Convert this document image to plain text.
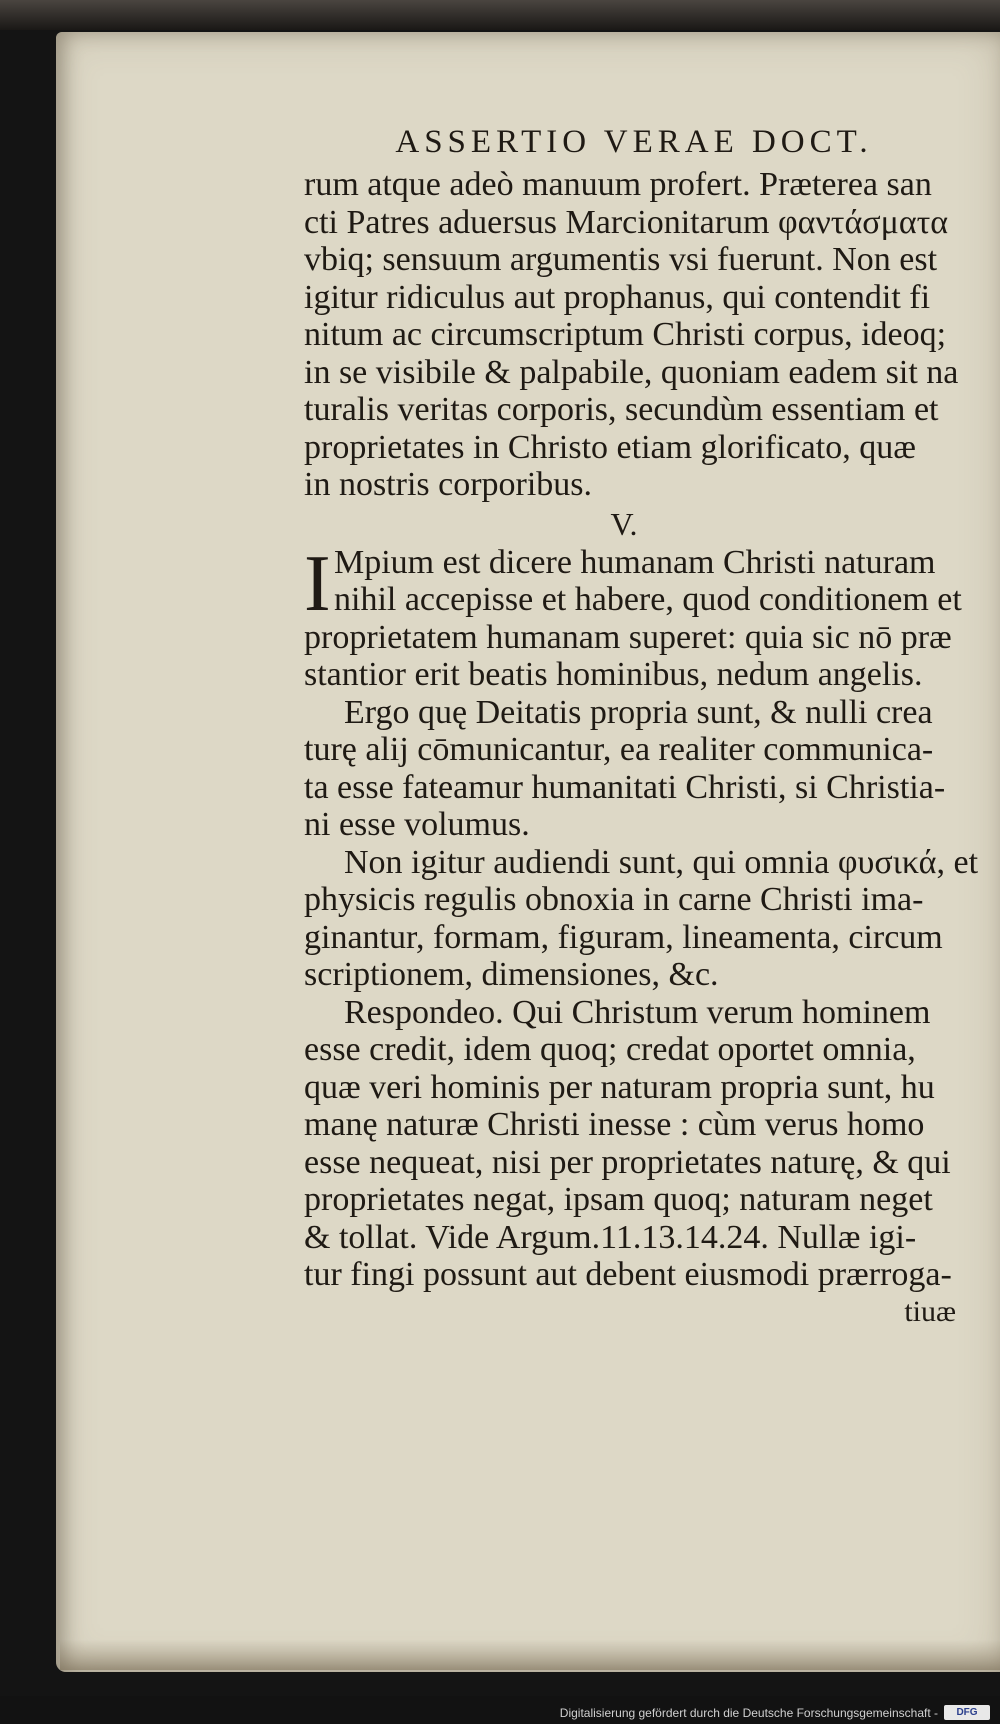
ASSERTIO VERAE DOCT.
rum atque adeò manuum profert. Præterea san
cti Patres aduersus Marcionitarum φαντάσματα
vbiq; sensuum argumentis vsi fuerunt. Non est
igitur ridiculus aut prophanus, qui contendit fi
nitum ac circumscriptum Christi corpus, ideoq;
in se visibile & palpabile, quoniam eadem sit na
turalis veritas corporis, secundùm essentiam et
proprietates in Christo etiam glorificato, quæ
in nostris corporibus.
V.
I Mpium est dicere humanam Christi naturam
nihil accepisse et habere, quod conditionem et
proprietatem humanam superet: quia sic nō præ
stantior erit beatis hominibus, nedum angelis.
Ergo quę Deitatis propria sunt, & nulli crea
turę alij cōmunicantur, ea realiter communica-
ta esse fateamur humanitati Christi, si Christia-
ni esse volumus.
Non igitur audiendi sunt, qui omnia φυσικά, et
physicis regulis obnoxia in carne Christi ima-
ginantur, formam, figuram, lineamenta, circum
scriptionem, dimensiones, &c.
Respondeo. Qui Christum verum hominem
esse credit, idem quoq; credat oportet omnia,
quæ veri hominis per naturam propria sunt, hu
manę naturæ Christi inesse : cùm verus homo
esse nequeat, nisi per proprietates naturę, & qui
proprietates negat, ipsam quoq; naturam neget
& tollat. Vide Argum.11.13.14.24. Nullæ igi-
tur fingi possunt aut debent eiusmodi prærroga-
tiuæ
Digitalisierung gefördert durch die Deutsche Forschungsgemeinschaft -	DFG
